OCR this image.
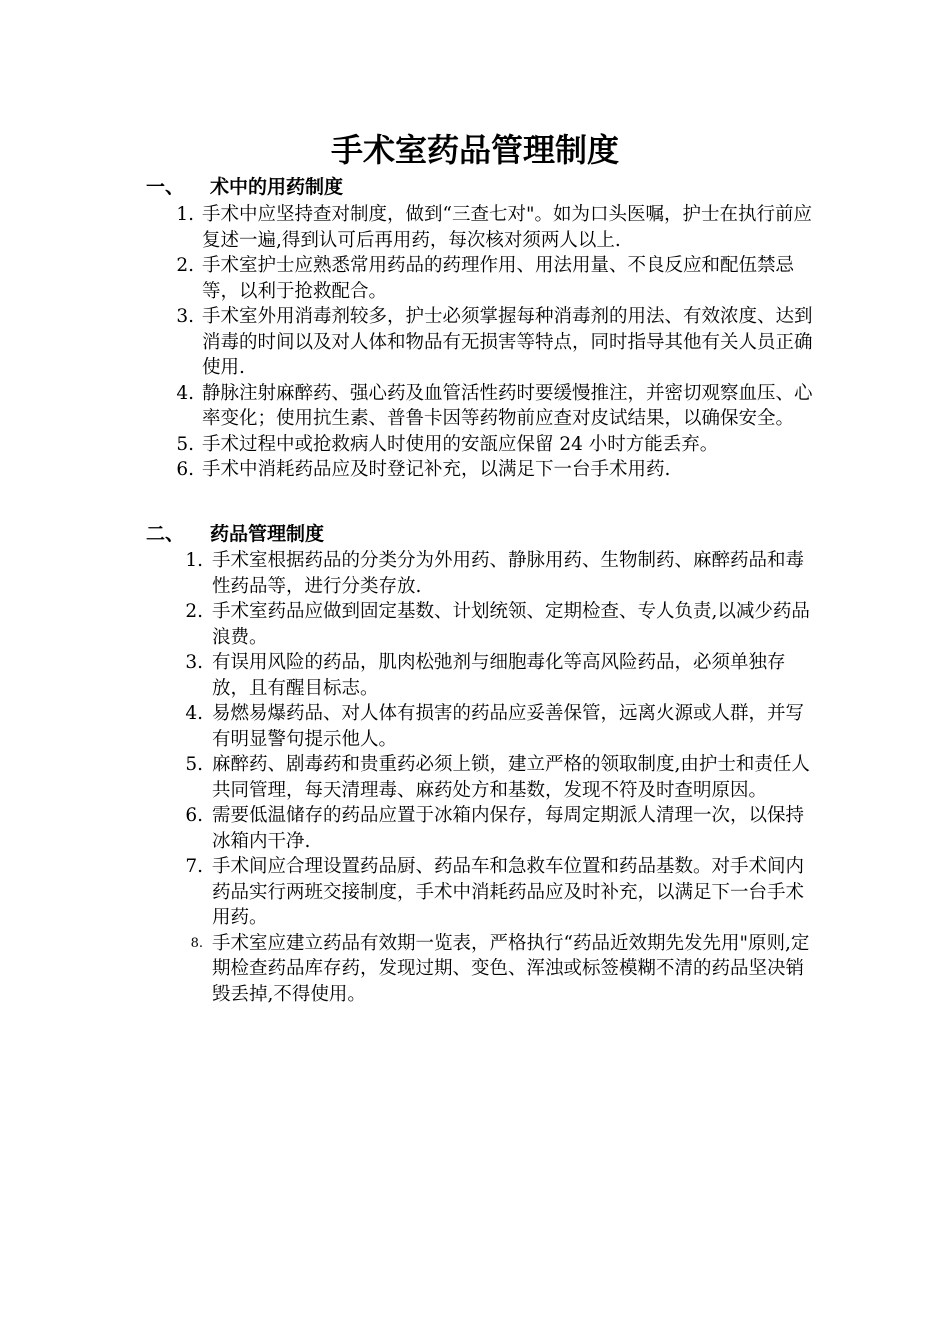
手术室药品管理制度
一、 术中的用药制度
1. 手术中应坚持查对制度，做到“三查七对"。如为口头医嘱，护士在执行前应复述一遍,得到认可后再用药，每次核对须两人以上.
2. 手术室护士应熟悉常用药品的药理作用、用法用量、不良反应和配伍禁忌等，以利于抢救配合。
3. 手术室外用消毒剂较多，护士必须掌握每种消毒剂的用法、有效浓度、达到消毒的时间以及对人体和物品有无损害等特点，同时指导其他有关人员正确使用.
4. 静脉注射麻醉药、强心药及血管活性药时要缓慢推注，并密切观察血压、心率变化；使用抗生素、普鲁卡因等药物前应查对皮试结果，以确保安全。
5. 手术过程中或抢救病人时使用的安瓿应保留 24 小时方能丢弃。
6. 手术中消耗药品应及时登记补充，以满足下一台手术用药.
二、 药品管理制度
1. 手术室根据药品的分类分为外用药、静脉用药、生物制药、麻醉药品和毒性药品等，进行分类存放.
2. 手术室药品应做到固定基数、计划统领、定期检查、专人负责,以减少药品浪费。
3. 有误用风险的药品，肌肉松弛剂与细胞毒化等高风险药品，必须单独存放，且有醒目标志。
4. 易燃易爆药品、对人体有损害的药品应妥善保管，远离火源或人群，并写有明显警句提示他人。
5. 麻醉药、剧毒药和贵重药必须上锁，建立严格的领取制度,由护士和责任人共同管理，每天清理毒、麻药处方和基数，发现不符及时查明原因。
6. 需要低温储存的药品应置于冰箱内保存，每周定期派人清理一次，以保持冰箱内干净.
7. 手术间应合理设置药品厨、药品车和急救车位置和药品基数。对手术间内药品实行两班交接制度，手术中消耗药品应及时补充，以满足下一台手术用药。
8. 手术室应建立药品有效期一览表，严格执行“药品近效期先发先用"原则,定期检查药品库存药，发现过期、变色、浑浊或标签模糊不清的药品坚决销毁丢掉,不得使用。
